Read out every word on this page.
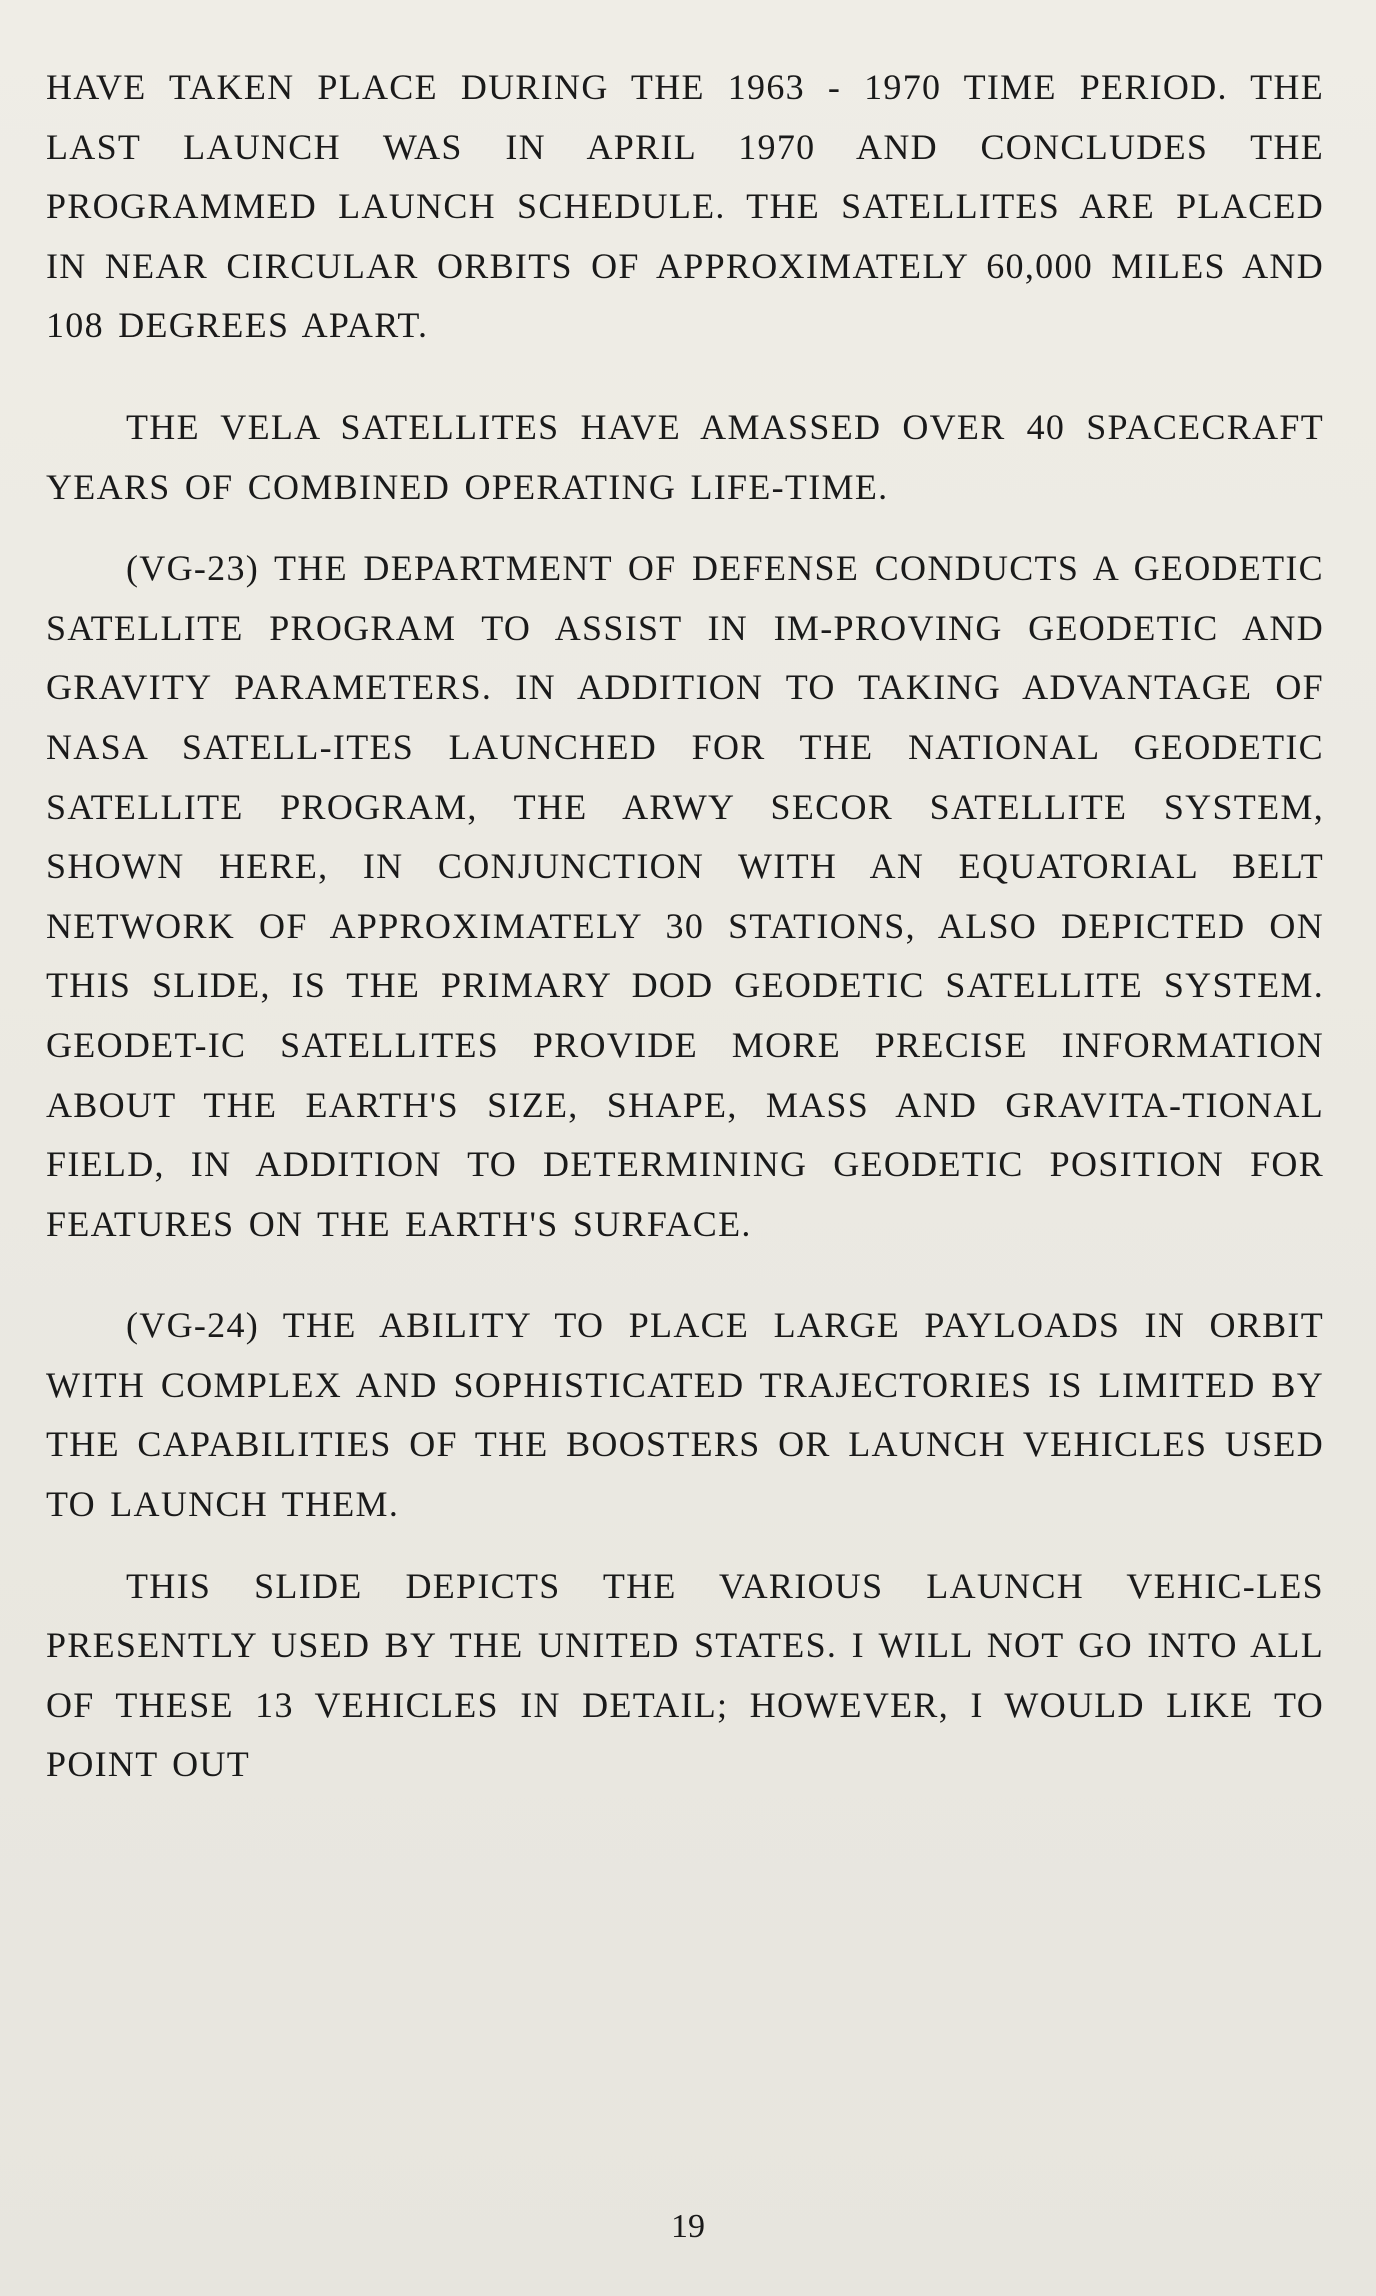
HAVE TAKEN PLACE DURING THE 1963 - 1970 TIME PERIOD. THE LAST LAUNCH WAS IN APRIL 1970 AND CONCLUDES THE PROGRAMMED LAUNCH SCHEDULE. THE SATELLITES ARE PLACED IN NEAR CIRCULAR ORBITS OF APPROXIMATELY 60,000 MILES AND 108 DEGREES APART.

THE VELA SATELLITES HAVE AMASSED OVER 40 SPACECRAFT YEARS OF COMBINED OPERATING LIFE-TIME.

(VG-23) THE DEPARTMENT OF DEFENSE CONDUCTS A GEODETIC SATELLITE PROGRAM TO ASSIST IN IM-PROVING GEODETIC AND GRAVITY PARAMETERS. IN ADDITION TO TAKING ADVANTAGE OF NASA SATELL-ITES LAUNCHED FOR THE NATIONAL GEODETIC SATELLITE PROGRAM, THE ARWY SECOR SATELLITE SYSTEM, SHOWN HERE, IN CONJUNCTION WITH AN EQUATORIAL BELT NETWORK OF APPROXIMATELY 30 STATIONS, ALSO DEPICTED ON THIS SLIDE, IS THE PRIMARY DOD GEODETIC SATELLITE SYSTEM. GEODET-IC SATELLITES PROVIDE MORE PRECISE INFORMATION ABOUT THE EARTH'S SIZE, SHAPE, MASS AND GRAVITA-TIONAL FIELD, IN ADDITION TO DETERMINING GEODETIC POSITION FOR FEATURES ON THE EARTH'S SURFACE.

(VG-24) THE ABILITY TO PLACE LARGE PAYLOADS IN ORBIT WITH COMPLEX AND SOPHISTICATED TRAJECTORIES IS LIMITED BY THE CAPABILITIES OF THE BOOSTERS OR LAUNCH VEHICLES USED TO LAUNCH THEM.

THIS SLIDE DEPICTS THE VARIOUS LAUNCH VEHIC-LES PRESENTLY USED BY THE UNITED STATES. I WILL NOT GO INTO ALL OF THESE 13 VEHICLES IN DETAIL; HOWEVER, I WOULD LIKE TO POINT OUT

19
